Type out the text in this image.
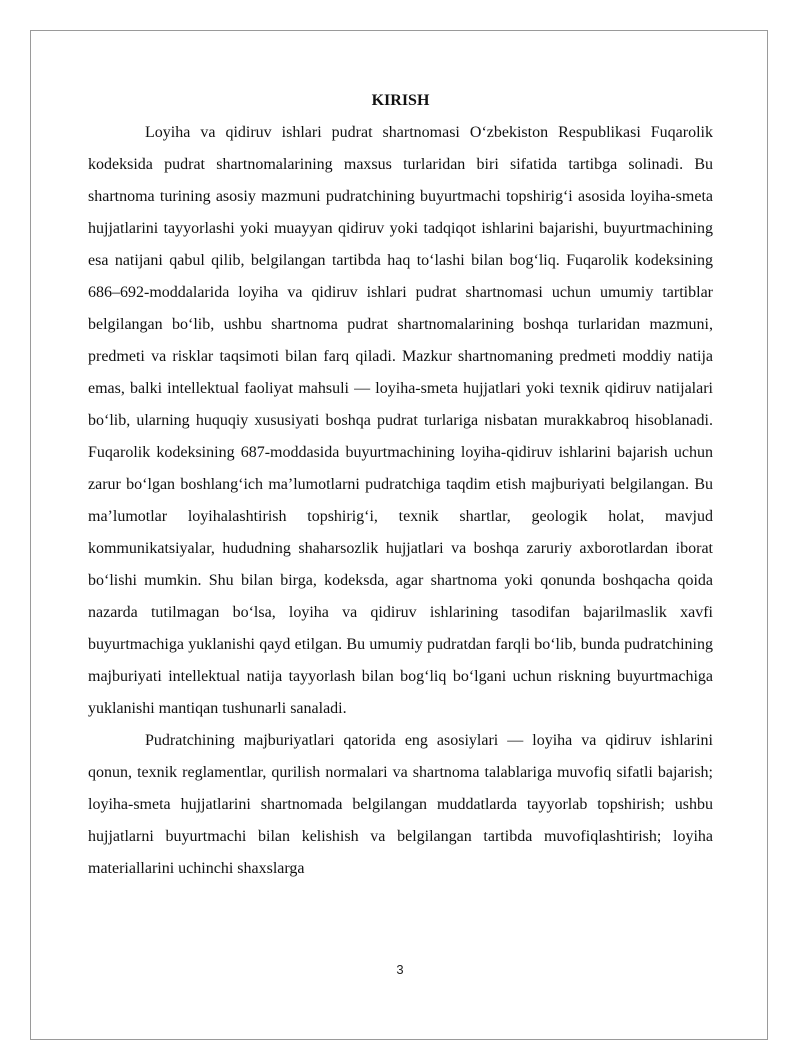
KIRISH

Loyiha va qidiruv ishlari pudrat shartnomasi O‘zbekiston Respublikasi Fuqarolik kodeksida pudrat shartnomalarining maxsus turlaridan biri sifatida tartibga solinadi. Bu shartnoma turining asosiy mazmuni pudratchining buyurtmachi topshirig‘i asosida loyiha-smeta hujjatlarini tayyorlashi yoki muayyan qidiruv yoki tadqiqot ishlarini bajarishi, buyurtmachining esa natijani qabul qilib, belgilangan tartibda haq to‘lashi bilan bog‘liq. Fuqarolik kodeksining 686–692-moddalarida loyiha va qidiruv ishlari pudrat shartnomasi uchun umumiy tartiblar belgilangan bo‘lib, ushbu shartnoma pudrat shartnomalarining boshqa turlaridan mazmuni, predmeti va risklar taqsimoti bilan farq qiladi. Mazkur shartnomaning predmeti moddiy natija emas, balki intellektual faoliyat mahsuli — loyiha-smeta hujjatlari yoki texnik qidiruv natijalari bo‘lib, ularning huquqiy xususiyati boshqa pudrat turlariga nisbatan murakkabroq hisoblanadi. Fuqarolik kodeksining 687-moddasida buyurtmachining loyiha-qidiruv ishlarini bajarish uchun zarur bo‘lgan boshlang‘ich ma’lumotlarni pudratchiga taqdim etish majburiyati belgilangan. Bu ma’lumotlar loyihalashtirish topshirig‘i, texnik shartlar, geologik holat, mavjud kommunikatsiyalar, hududning shaharsozlik hujjatlari va boshqa zaruriy axborotlardan iborat bo‘lishi mumkin. Shu bilan birga, kodeksda, agar shartnoma yoki qonunda boshqacha qoida nazarda tutilmagan bo‘lsa, loyiha va qidiruv ishlarining tasodifan bajarilmaslik xavfi buyurtmachiga yuklanishi qayd etilgan. Bu umumiy pudratdan farqli bo‘lib, bunda pudratchining majburiyati intellektual natija tayyorlash bilan bog‘liq bo‘lgani uchun riskning buyurtmachiga yuklanishi mantiqan tushunarli sanaladi.

Pudratchining majburiyatlari qatorida eng asosiylari — loyiha va qidiruv ishlarini qonun, texnik reglamentlar, qurilish normalari va shartnoma talablariga muvofiq sifatli bajarish; loyiha-smeta hujjatlarini shartnomada belgilangan muddatlarda tayyorlab topshirish; ushbu hujjatlarni buyurtmachi bilan kelishish va belgilangan tartibda muvofiqlashtirish; loyiha materiallarini uchinchi shaxslarga

3
